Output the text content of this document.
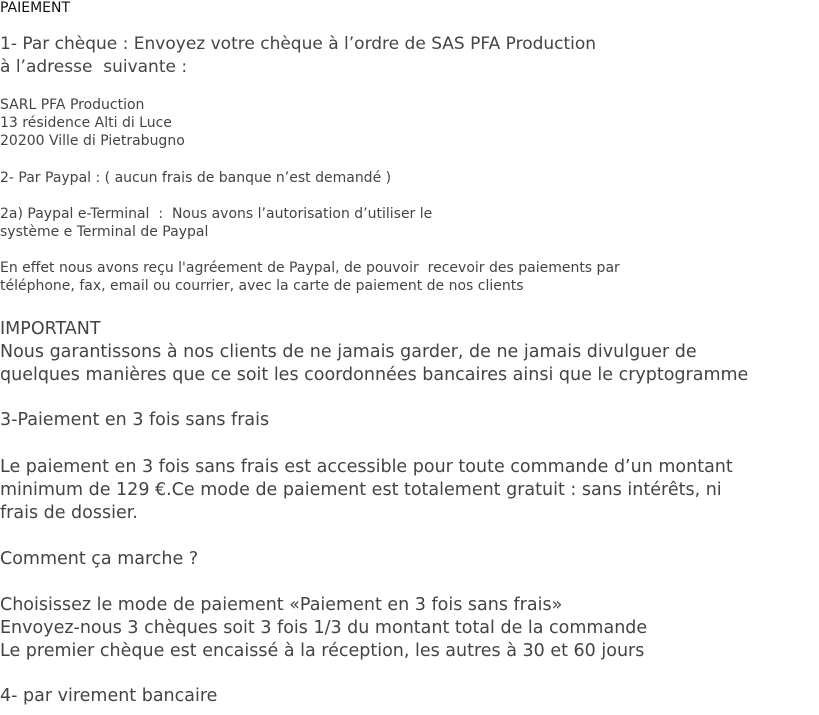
PAIEMENT

1- Par chèque : Envoyez votre chèque à l’ordre de SAS PFA Production

à l’adresse  suivante :

SARL PFA Production

13 résidence Alti di Luce

20200 Ville di Pietrabugno

2- Par Paypal : ( aucun frais de banque n’est demandé )

2a) Paypal e-Terminal  :  Nous avons l’autorisation d’utiliser le

système e Terminal de Paypal

En effet nous avons reçu l'agréement de Paypal, de pouvoir  recevoir des paiements par

téléphone, fax, email ou courrier, avec la carte de paiement de nos clients

IMPORTANT

Nous garantissons à nos clients de ne jamais garder, de ne jamais divulguer de

quelques manières que ce soit les coordonnées bancaires ainsi que le cryptogramme

3-Paiement en 3 fois sans frais

Le paiement en 3 fois sans frais est accessible pour toute commande d’un montant

minimum de 129 €.Ce mode de paiement est totalement gratuit : sans intérêts, ni

frais de dossier.

Comment ça marche ?

Choisissez le mode de paiement «Paiement en 3 fois sans frais»

Envoyez-nous 3 chèques soit 3 fois 1/3 du montant total de la commande

Le premier chèque est encaissé à la réception, les autres à 30 et 60 jours

4- par virement bancaire
